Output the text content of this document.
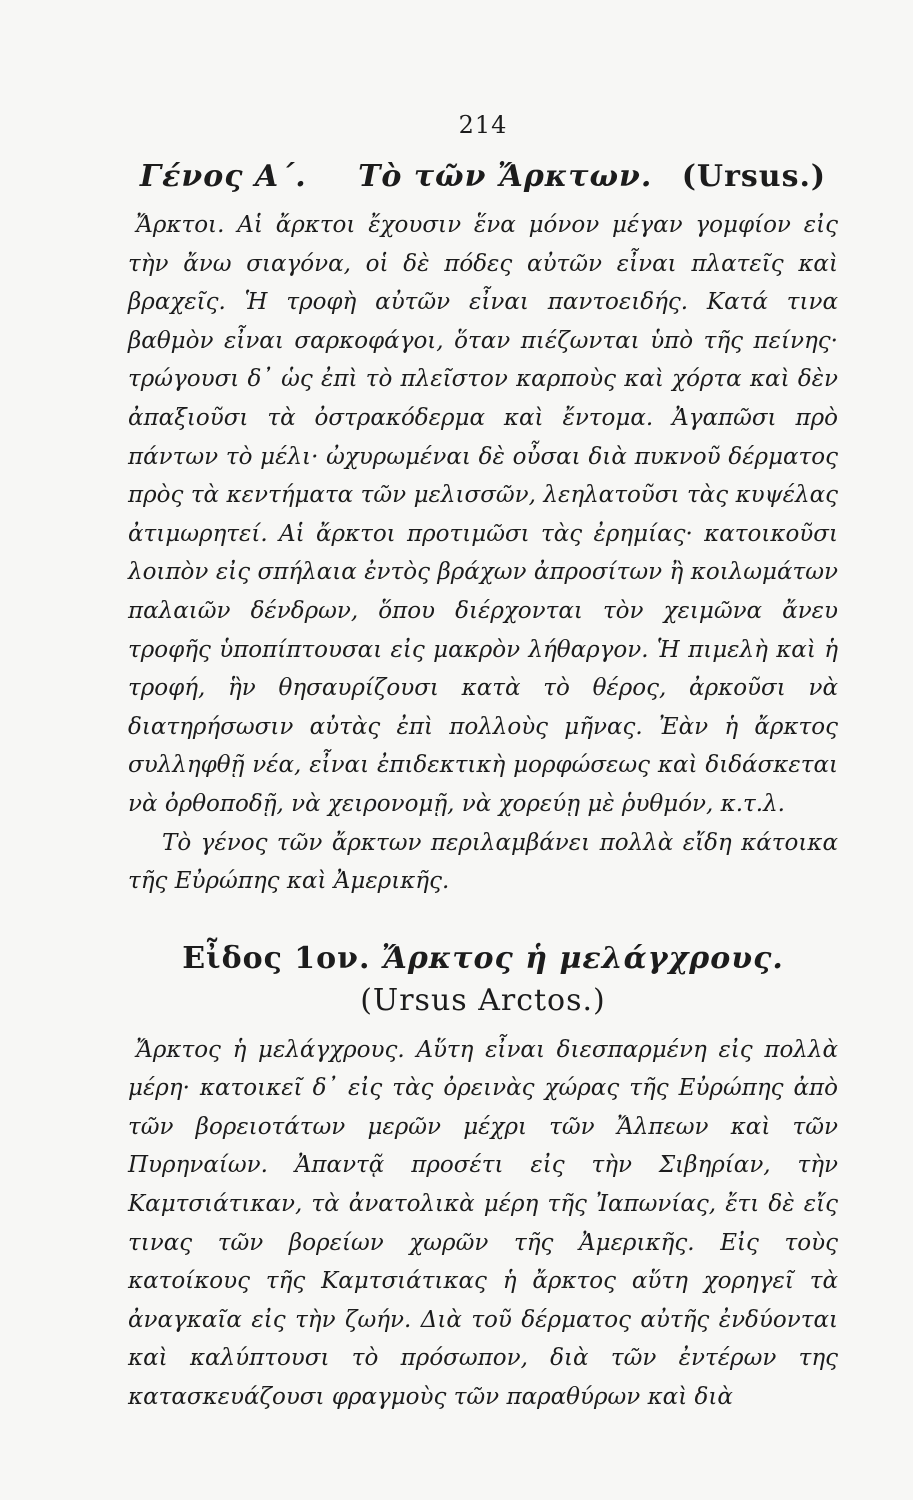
214
Γένος Α΄. Τὸ τῶν Ἄρκτων. (Ursus.)

Ἄρκτοι. Αἱ ἄρκτοι ἔχουσιν ἕνα μόνον μέγαν γομφίον εἰς τὴν ἄνω σιαγόνα, οἱ δὲ πόδες αὐτῶν εἶναι πλατεῖς καὶ βραχεῖς. Ἡ τροφὴ αὐτῶν εἶναι παντοειδής. Κατά τινα βαθμὸν εἶναι σαρκοφάγοι, ὅταν πιέζωνται ὑπὸ τῆς πείνης· τρώγουσι δ᾽ ὡς ἐπὶ τὸ πλεῖστον καρποὺς καὶ χόρτα καὶ δὲν ἀπαξιοῦσι τὰ ὀστρακόδερμα καὶ ἔντομα. Ἀγαπῶσι πρὸ πάντων τὸ μέλι· ὠχυρωμέναι δὲ οὖσαι διὰ πυκνοῦ δέρματος πρὸς τὰ κεντήματα τῶν μελισσῶν, λεηλατοῦσι τὰς κυψέλας ἀτιμωρητεί. Αἱ ἄρκτοι προτιμῶσι τὰς ἐρημίας· κατοικοῦσι λοιπὸν εἰς σπήλαια ἐντὸς βράχων ἀπροσίτων ἢ κοιλωμάτων παλαιῶν δένδρων, ὅπου διέρχονται τὸν χειμῶνα ἄνευ τροφῆς ὑποπίπτουσαι εἰς μακρὸν λήθαργον. Ἡ πιμελὴ καὶ ἡ τροφή, ἣν θησαυρίζουσι κατὰ τὸ θέρος, ἀρκοῦσι νὰ διατηρήσωσιν αὐτὰς ἐπὶ πολλοὺς μῆνας. Ἐὰν ἡ ἄρκτος συλληφθῇ νέα, εἶναι ἐπιδεκτικὴ μορφώσεως καὶ διδάσκεται νὰ ὀρθοποδῇ, νὰ χειρονομῇ, νὰ χορεύῃ μὲ ῥυθμόν, κ.τ.λ.

Τὸ γένος τῶν ἄρκτων περιλαμβάνει πολλὰ εἴδη κάτοικα τῆς Εὐρώπης καὶ Ἀμερικῆς.

Εἶδος 1ον. Ἄρκτος ἡ μελάγχρους.
(Ursus Arctos.)

Ἄρκτος ἡ μελάγχρους. Αὕτη εἶναι διεσπαρμένη εἰς πολλὰ μέρη· κατοικεῖ δ᾽ εἰς τὰς ὀρεινὰς χώρας τῆς Εὐρώπης ἀπὸ τῶν βορειοτάτων μερῶν μέχρι τῶν Ἄλπεων καὶ τῶν Πυρηναίων. Ἀπαντᾷ προσέτι εἰς τὴν Σιβηρίαν, τὴν Καμτσιάτικαν, τὰ ἀνατολικὰ μέρη τῆς Ἰαπωνίας, ἔτι δὲ εἴς τινας τῶν βορείων χωρῶν τῆς Ἀμερικῆς. Εἰς τοὺς κατοίκους τῆς Καμτσιάτικας ἡ ἄρκτος αὕτη χορηγεῖ τὰ ἀναγκαῖα εἰς τὴν ζωήν. Διὰ τοῦ δέρματος αὐτῆς ἐνδύονται καὶ καλύπτουσι τὸ πρόσωπον, διὰ τῶν ἐντέρων της κατασκευάζουσι φραγμοὺς τῶν παραθύρων καὶ διὰ
